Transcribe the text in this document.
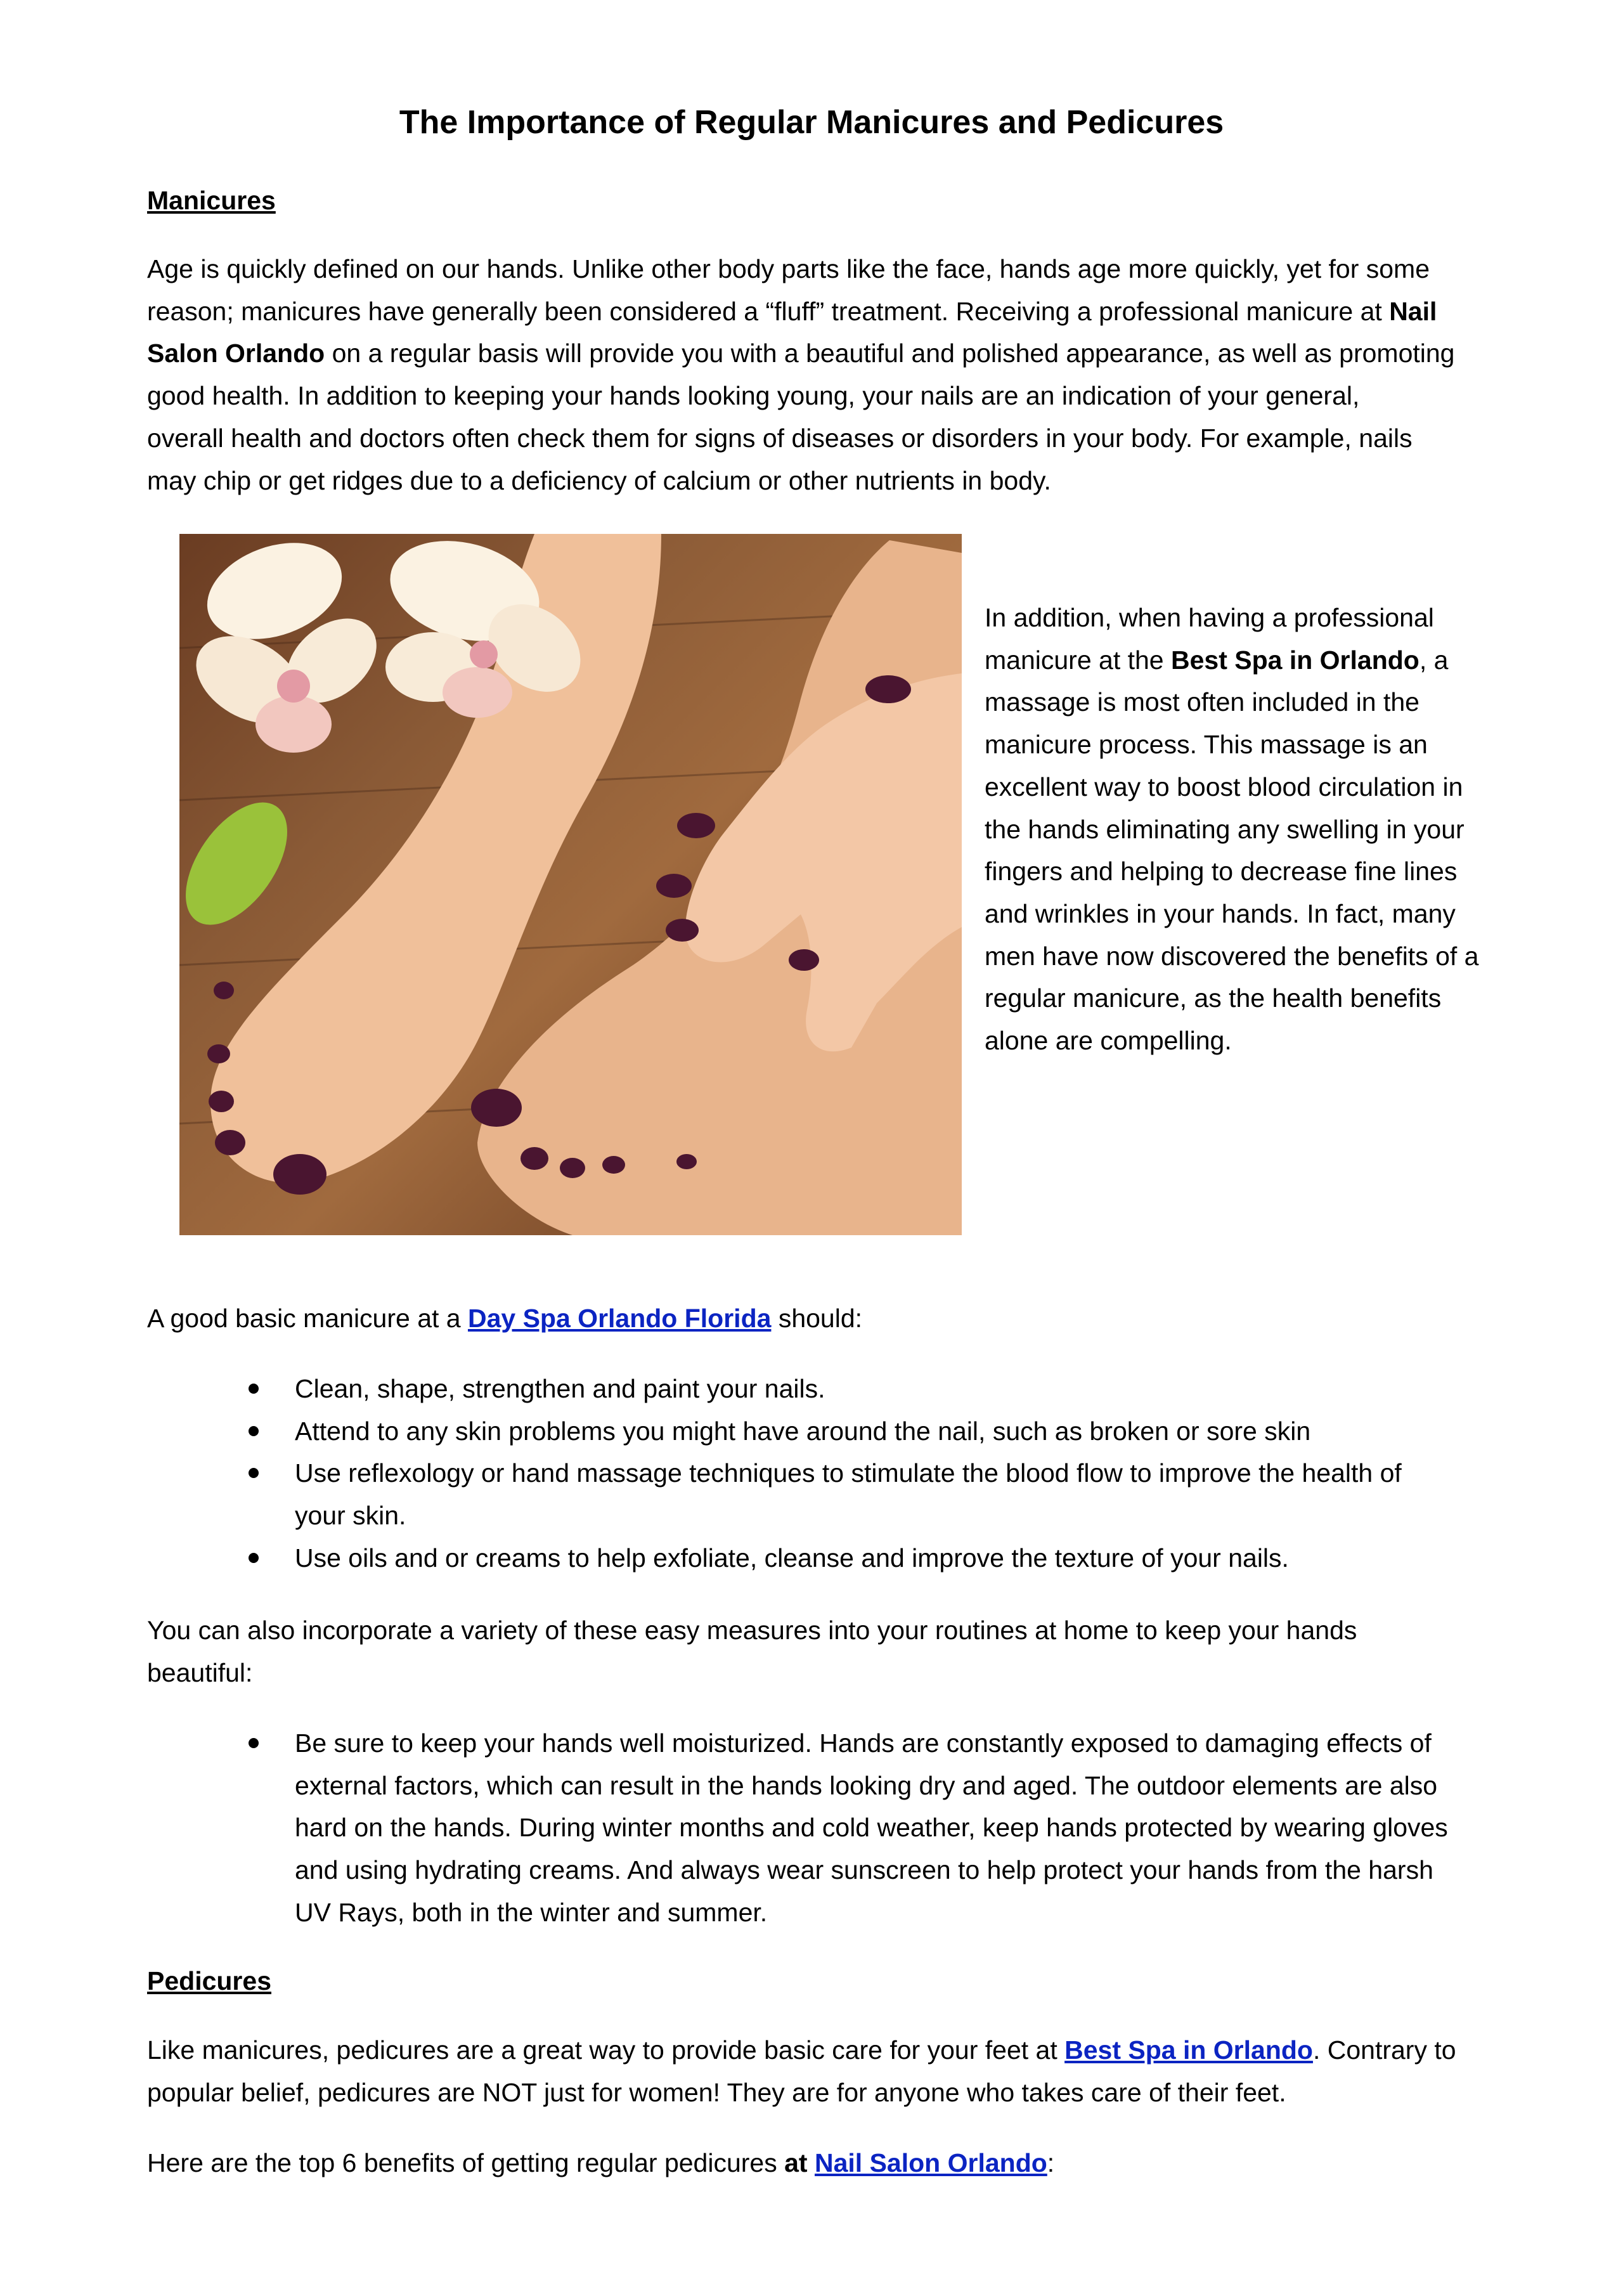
The Importance of Regular Manicures and Pedicures
Manicures
Age is quickly defined on our hands. Unlike other body parts like the face, hands age more quickly, yet for some
reason; manicures have generally been considered a “fluff” treatment. Receiving a professional manicure at Nail
Salon Orlando on a regular basis will provide you with a beautiful and polished appearance, as well as promoting
good health. In addition to keeping your hands looking young, your nails are an indication of your general,
overall health and doctors often check them for signs of diseases or disorders in your body. For example, nails
may chip or get ridges due to a deficiency of calcium or other nutrients in body.
In addition, when having a professional
manicure at the Best Spa in Orlando, a
massage is most often included in the
manicure process. This massage is an
excellent way to boost blood circulation in
the hands eliminating any swelling in your
fingers and helping to decrease fine lines
and wrinkles in your hands. In fact, many
men have now discovered the benefits of a
regular manicure, as the health benefits
alone are compelling.

A good basic manicure at a Day Spa Orlando Florida should:

Clean, shape, strengthen and paint your nails.
Attend to any skin problems you might have around the nail, such as broken or sore skin
Use reflexology or hand massage techniques to stimulate the blood flow to improve the health of
your skin.
Use oils and or creams to help exfoliate, cleanse and improve the texture of your nails.
You can also incorporate a variety of these easy measures into your routines at home to keep your hands
beautiful:
Be sure to keep your hands well moisturized. Hands are constantly exposed to damaging effects of
external factors, which can result in the hands looking dry and aged. The outdoor elements are also
hard on the hands. During winter months and cold weather, keep hands protected by wearing gloves
and using hydrating creams. And always wear sunscreen to help protect your hands from the harsh
UV Rays, both in the winter and summer.
Pedicures
Like manicures, pedicures are a great way to provide basic care for your feet at Best Spa in Orlando. Contrary to
popular belief, pedicures are NOT just for women! They are for anyone who takes care of their feet.

Here are the top 6 benefits of getting regular pedicures at Nail Salon Orlando:
